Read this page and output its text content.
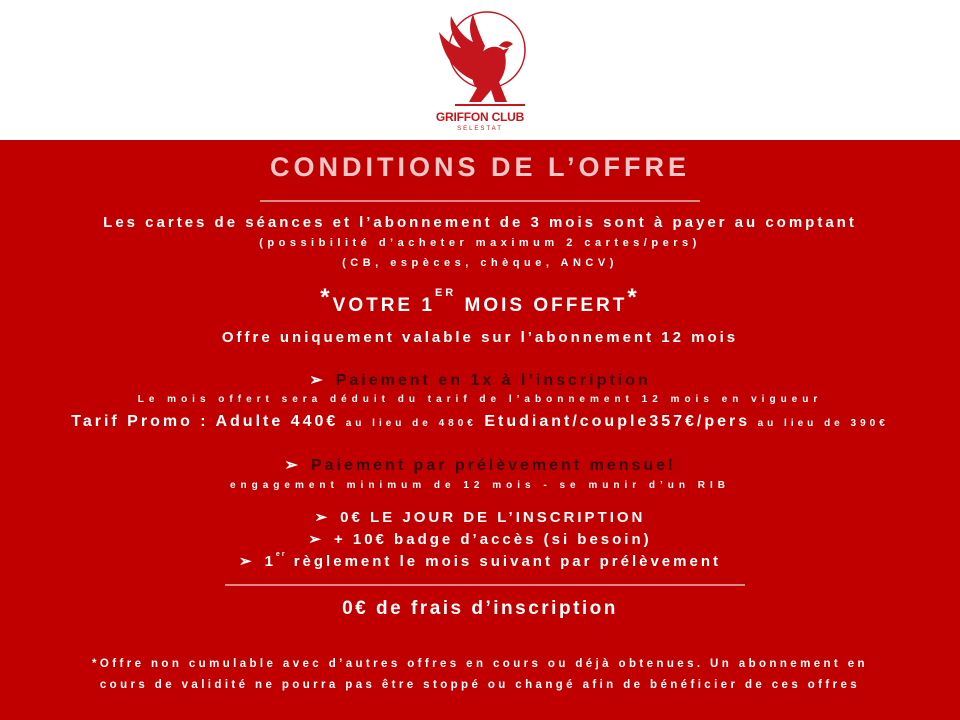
GRIFFON CLUB
SELESTAT
CONDITIONS DE L’OFFRE
Les cartes de séances et l’abonnement de 3 mois sont à payer au comptant
(possibilité d’acheter maximum 2 cartes/pers)
(CB, espèces, chèque, ANCV)
*VOTRE 1ER MOIS OFFERT*
Offre uniquement valable sur l’abonnement 12 mois
➢ Paiement en 1x à l’inscription
Le mois offert sera déduit du tarif de l’abonnement 12 mois en vigueur
Tarif Promo : Adulte 440€ au lieu de 480€ Etudiant/couple357€/pers au lieu de 390€
➢ Paiement par prélèvement mensuel
engagement minimum de 12 mois - se munir d’un RIB
➢ 0€ LE JOUR DE L’INSCRIPTION
➢ + 10€ badge d’accès (si besoin)
➢ 1er règlement le mois suivant par prélèvement
0€ de frais d’inscription
*Offre non cumulable avec d’autres offres en cours ou déjà obtenues. Un abonnement en
cours de validité ne pourra pas être stoppé ou changé afin de bénéficier de ces offres
